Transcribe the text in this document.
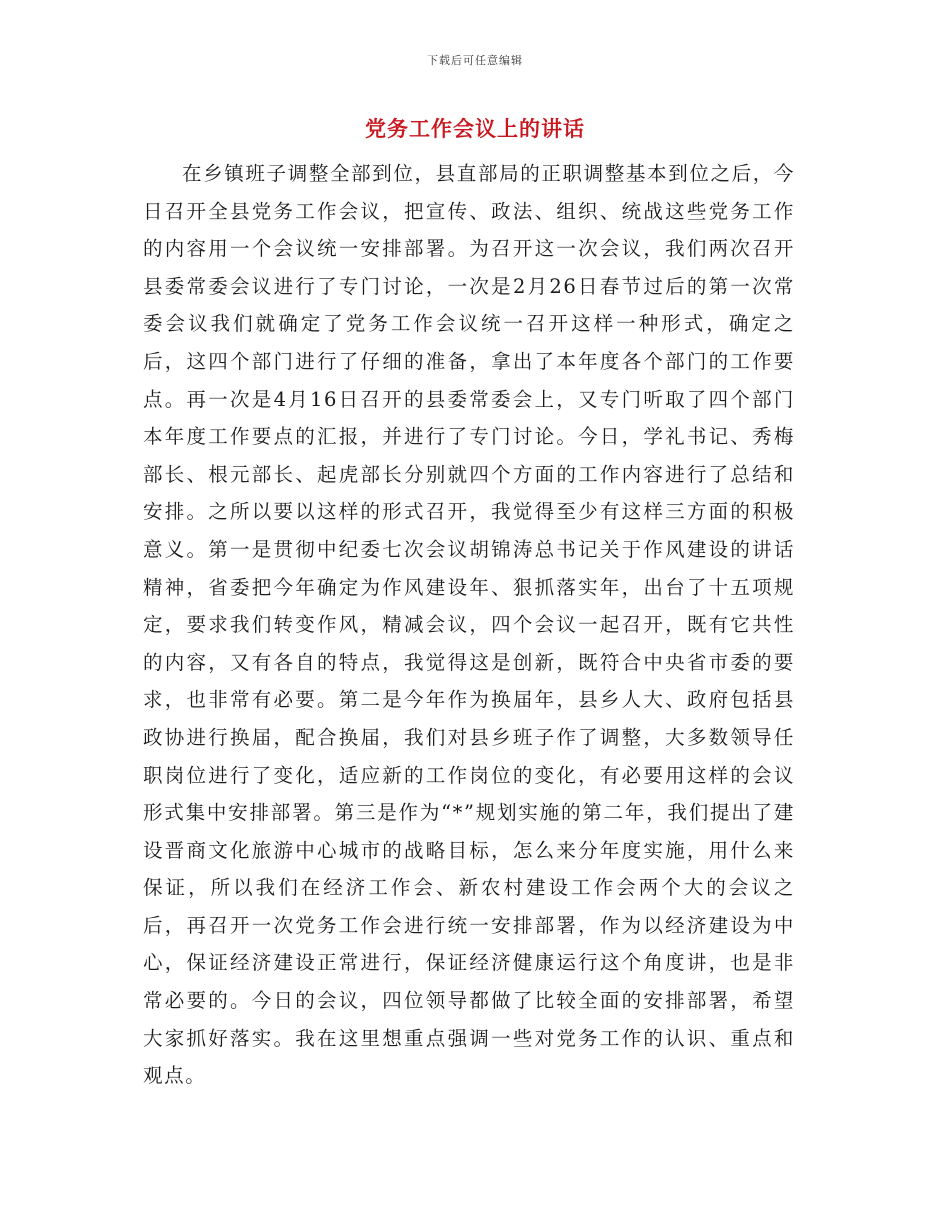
下载后可任意编辑
党务工作会议上的讲话

在乡镇班子调整全部到位，县直部局的正职调整基本到位之后，今日召开全县党务工作会议，把宣传、政法、组织、统战这些党务工作的内容用一个会议统一安排部署。为召开这一次会议，我们两次召开县委常委会议进行了专门讨论，一次是2月26日春节过后的第一次常委会议我们就确定了党务工作会议统一召开这样一种形式，确定之后，这四个部门进行了仔细的准备，拿出了本年度各个部门的工作要点。再一次是4月16日召开的县委常委会上，又专门听取了四个部门本年度工作要点的汇报，并进行了专门讨论。今日，学礼书记、秀梅部长、根元部长、起虎部长分别就四个方面的工作内容进行了总结和安排。之所以要以这样的形式召开，我觉得至少有这样三方面的积极意义。第一是贯彻中纪委七次会议胡锦涛总书记关于作风建设的讲话精神，省委把今年确定为作风建设年、狠抓落实年，出台了十五项规定，要求我们转变作风，精减会议，四个会议一起召开，既有它共性的内容，又有各自的特点，我觉得这是创新，既符合中央省市委的要求，也非常有必要。第二是今年作为换届年，县乡人大、政府包括县政协进行换届，配合换届，我们对县乡班子作了调整，大多数领导任职岗位进行了变化，适应新的工作岗位的变化，有必要用这样的会议形式集中安排部署。第三是作为“*”规划实施的第二年，我们提出了建设晋商文化旅游中心城市的战略目标，怎么来分年度实施，用什么来保证，所以我们在经济工作会、新农村建设工作会两个大的会议之后，再召开一次党务工作会进行统一安排部署，作为以经济建设为中心，保证经济建设正常进行，保证经济健康运行这个角度讲，也是非常必要的。今日的会议，四位领导都做了比较全面的安排部署，希望大家抓好落实。我在这里想重点强调一些对党务工作的认识、重点和观点。
